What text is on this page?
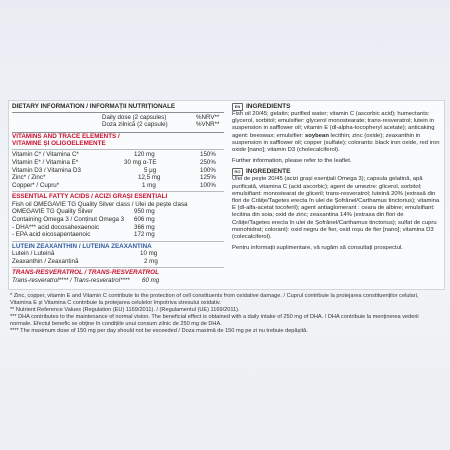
DIETARY INFORMATION / INFORMAȚII NUTRIȚIONALE
Daily dose (2 capsules)	%NRV**
Doza zilnică (2 capsule)	%VNR**
VITAMINS AND TRACE ELEMENTS /
VITAMINE ȘI OLIGOELEMENTE
Vitamin C* / Vitamina C*	120 mg	150%
Vitamin E* / Vitamina E*	30 mg α-TE	250%
Vitamin D3 / Vitamina D3	5 μg	100%
Zinc* / Zinc*	12,5 mg	125%
Copper* / Cupru*	1 mg	100%
ESSENTIAL FATTY ACIDS / ACIZI GRAȘI ESENȚIALI
Fish oil OMEGAVIE TG Quality Silver class / Ulei de pește clasa
OMEGAVIE TG Quality Silver	950 mg
Containing Omega 3 / Conținut Omega 3 606 mg
- DHA*** acid docosahexaenoic	366 mg
- EPA acid eicosapentaenoic	172 mg
LUTEIN ZEAXANTHIN / LUTEINA ZEAXANTINA
Lutein / Luteină	10 mg
Zeaxanthin / Zeaxantină	2 mg
TRANS-RESVERATROL / TRANS-RESVERATROL
Trans-resveratrol**** / Trans-resveratrol**** 60 mg
EN INGREDIENTS
Fish oil 20/45; gelatin; purified water; vitamin C (ascorbic acid); humectants: glycerol, sorbitol; emulsifier: glycerol monostearate; trans-resveratrol; lutein in suspension in safflower oil; vitamin E (dl-alpha-tocopheryl acetate); anticaking agent: beeswax; emulsifier: soybean lecithin; zinc (oxide); zeaxanthin in suspension in safflower oil; copper (sulfate); colorants: black iron oxide, red iron oxide [nano]; vitamin D3 (cholecalciferol).
Further information, please refer to the leaflet.
RO INGREDIENTE
Ulei de pește 20/45 (acizi grași esențiali Omega 3); capsula gelatină, apă purificată, vitamina C (acid ascorbic); agent de umezire: glicerol, sorbitol; emulsifiant: monostearat de gliceril; trans-resveratrol; luteină 20% (extrasă din flori de Crăițe/Tagetes erecta în ulei de Șofrănel/Carthamus tinctorius); vitamina E (dl-alfa-acetat tocoferil); agent antiaglomerant : ceara de albine; emulsifiant: lecitina din soia; oxid de zinc; zeaxantina 14% (extrasa din flori de Crăițe/Tagetes erecta în ulei de Șofrănel/Carthamus tinctorius); sulfat de cupru monohidrat; colorant): oxid negru de fier, oxid roșu de fier [nano]; vitamina D3 (colecalciferol).
Pentru informații suplimentare, vă rugăm să consultați prospectul.

* Zinc, copper, vitamin E and Vitamin C contribute to the protection of cell constituents from oxidative damage. / Cuprul contribuie la protejarea constituenților celulari, Vitamina E și Vitamina C contribuie la protejarea celulelor împotriva stresului oxidativ.

** Nutrient Reference Values (Regulation (EU) 1169/2011). / (Regulamentul (UE) 1169/2011).

*** DHA contributes to the maintenance of normal vision. The beneficial effect is obtained with a daily intake of 250 mg of DHA. / DHA contribuie la menținerea vederii normale. Efectul benefic se obține în condițiile unui consum zilnic de 250 mg de DHA.

**** The maximum dose of 150 mg per day should not be exceeded / Doza maximă de 150 mg pe zi nu trebuie depășită.
